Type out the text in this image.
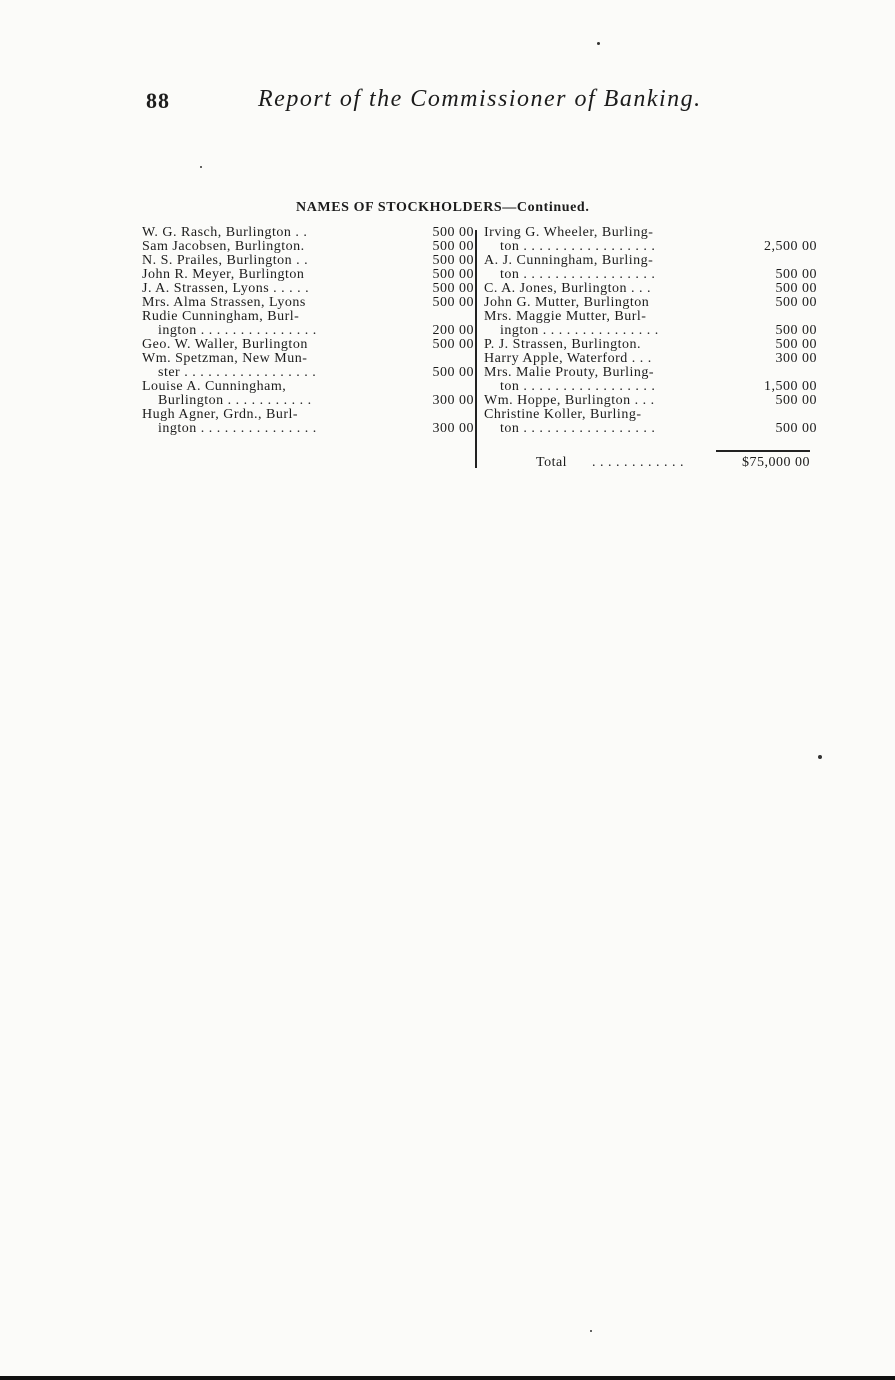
88	Report of the Commissioner of Banking.
NAMES OF STOCKHOLDERS—Continued.
W. G. Rasch, Burlington . .	500 00
Sam Jacobsen, Burlington.	500 00
N. S. Prailes, Burlington . .	500 00
John R. Meyer, Burlington	500 00
J. A. Strassen, Lyons . . . . .	500 00
Mrs. Alma Strassen, Lyons	500 00
Rudie Cunningham, Burl-
ington . . . . . . . . . . . . . . .	200 00
Geo. W. Waller, Burlington	500 00
Wm. Spetzman, New Mun-
ster . . . . . . . . . . . . . . . . .	500 00
Louise A. Cunningham,
Burlington . . . . . . . . . . .	300 00
Hugh Agner, Grdn., Burl-
ington . . . . . . . . . . . . . . .	300 00
Irving G. Wheeler, Burling-
ton . . . . . . . . . . . . . . . . .	2,500 00
A. J. Cunningham, Burling-
ton . . . . . . . . . . . . . . . . .	500 00
C. A. Jones, Burlington . . .	500 00
John G. Mutter, Burlington	500 00
Mrs. Maggie Mutter, Burl-
ington . . . . . . . . . . . . . . .	500 00
P. J. Strassen, Burlington.	500 00
Harry Apple, Waterford . . .	300 00
Mrs. Malie Prouty, Burling-
ton . . . . . . . . . . . . . . . . .	1,500 00
Wm. Hoppe, Burlington . . .	500 00
Christine Koller, Burling-
ton . . . . . . . . . . . . . . . . .	500 00
Total . . . . . . . . . . . .	$75,000 00
